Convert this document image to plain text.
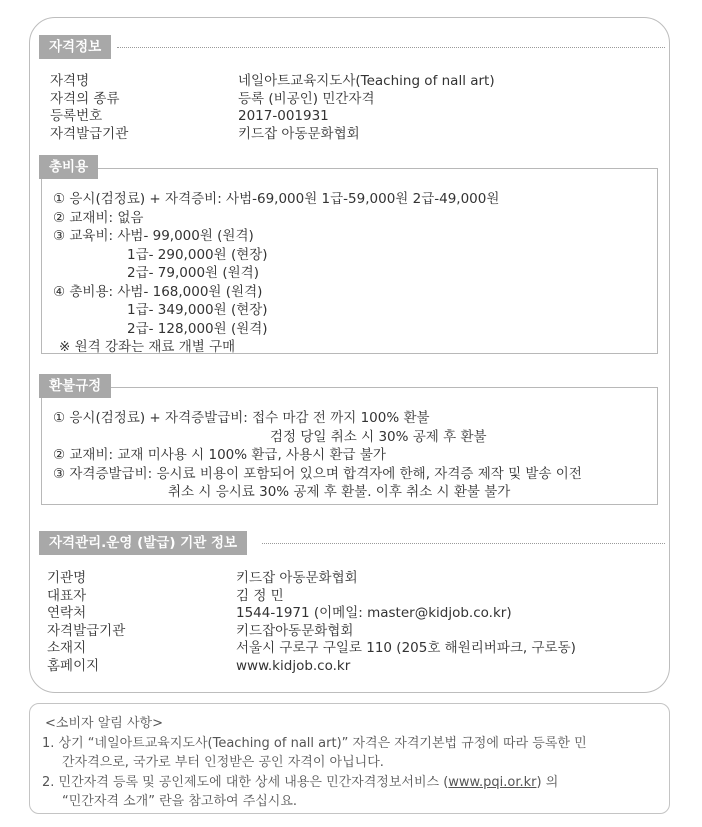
자격정보
자격명	네일아트교육지도사(Teaching of nall art)
자격의 종류	등록 (비공인) 민간자격
등록번호	2017-001931
자격발급기관	키드잡 아동문화협회
총비용
① 응시(검정료) + 자격증비: 사범-69,000원 1급-59,000원 2급-49,000원
② 교재비: 없음
③ 교육비: 사범- 99,000원 (원격)
1급- 290,000원 (현장)
2급- 79,000원 (원격)
④ 총비용: 사범- 168,000원 (원격)
1급- 349,000원 (현장)
2급- 128,000원 (원격)
※ 원격 강좌는 재료 개별 구매
환불규정
① 응시(검정료) + 자격증발급비: 접수 마감 전 까지 100% 환불
검정 당일 취소 시 30% 공제 후 환불
② 교재비: 교재 미사용 시 100% 환급, 사용시 환급 불가
③ 자격증발급비: 응시료 비용이 포함되어 있으며 합격자에 한해, 자격증 제작 및 발송 이전
취소 시 응시료 30% 공제 후 환불. 이후 취소 시 환불 불가
자격관리.운영 (발급) 기관 정보
기관명	키드잡 아동문화협회
대표자	김 정 민
연락처	1544-1971 (이메일: master@kidjob.co.kr)
자격발급기관	키드잡아동문화협회
소재지	서울시 구로구 구일로 110 (205호 해원리버파크, 구로동)
홈페이지	www.kidjob.co.kr
<소비자 알림 사항>
1. 상기 “네일아트교육지도사(Teaching of nall art)” 자격은 자격기본법 규정에 따라 등록한 민
간자격으로, 국가로 부터 인정받은 공인 자격이 아닙니다.
2. 민간자격 등록 및 공인제도에 대한 상세 내용은 민간자격정보서비스 (www.pqi.or.kr) 의
“민간자격 소개” 란을 참고하여 주십시요.
